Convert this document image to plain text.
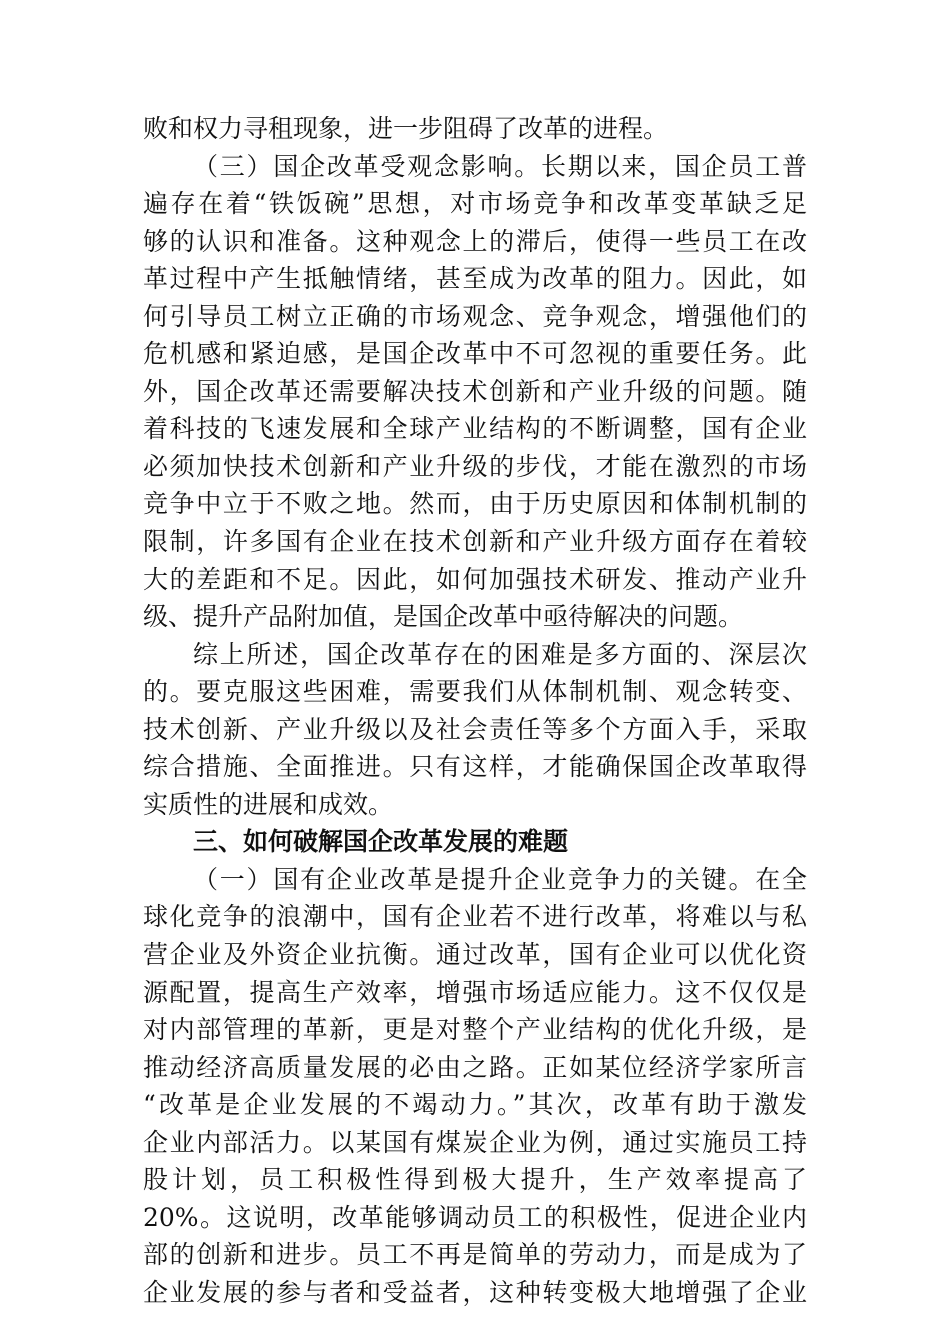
败和权力寻租现象，进一步阻碍了改革的进程。
（三）国企改革受观念影响。长期以来，国企员工普
遍存在着“铁饭碗”思想，对市场竞争和改革变革缺乏足
够的认识和准备。这种观念上的滞后，使得一些员工在改
革过程中产生抵触情绪，甚至成为改革的阻力。因此，如
何引导员工树立正确的市场观念、竞争观念，增强他们的
危机感和紧迫感，是国企改革中不可忽视的重要任务。此
外，国企改革还需要解决技术创新和产业升级的问题。随
着科技的飞速发展和全球产业结构的不断调整，国有企业
必须加快技术创新和产业升级的步伐，才能在激烈的市场
竞争中立于不败之地。然而，由于历史原因和体制机制的
限制，许多国有企业在技术创新和产业升级方面存在着较
大的差距和不足。因此，如何加强技术研发、推动产业升
级、提升产品附加值，是国企改革中亟待解决的问题。
综上所述，国企改革存在的困难是多方面的、深层次
的。要克服这些困难，需要我们从体制机制、观念转变、
技术创新、产业升级以及社会责任等多个方面入手，采取
综合措施、全面推进。只有这样，才能确保国企改革取得
实质性的进展和成效。
三、如何破解国企改革发展的难题
（一）国有企业改革是提升企业竞争力的关键。在全
球化竞争的浪潮中，国有企业若不进行改革，将难以与私
营企业及外资企业抗衡。通过改革，国有企业可以优化资
源配置，提高生产效率，增强市场适应能力。这不仅仅是
对内部管理的革新，更是对整个产业结构的优化升级，是
推动经济高质量发展的必由之路。正如某位经济学家所言
“改革是企业发展的不竭动力。”其次，改革有助于激发
企业内部活力。以某国有煤炭企业为例，通过实施员工持
股计划，员工积极性得到极大提升，生产效率提高了
20%。这说明，改革能够调动员工的积极性，促进企业内
部的创新和进步。员工不再是简单的劳动力，而是成为了
企业发展的参与者和受益者，这种转变极大地增强了企业
